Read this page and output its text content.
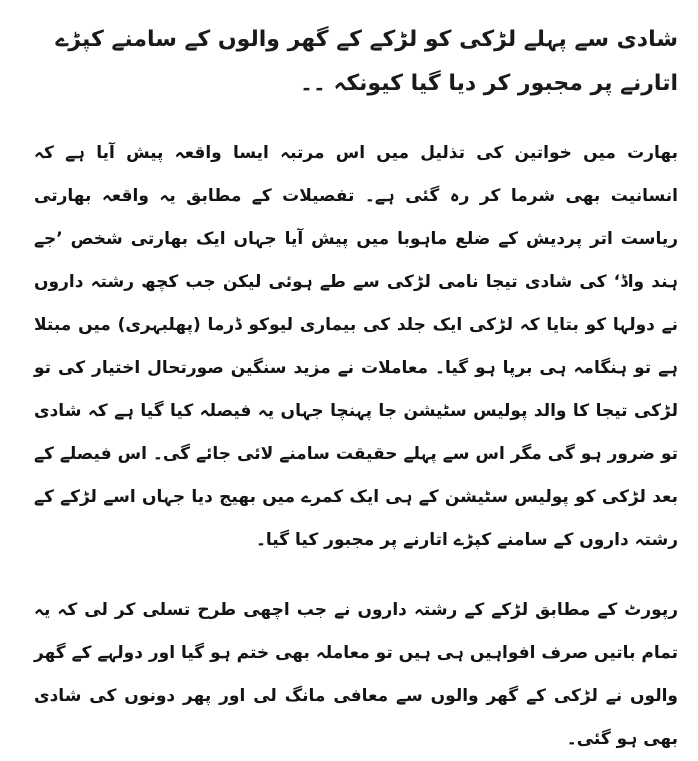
شادی سے پہلے لڑکی کو لڑکے کے گھر والوں کے سامنے کپڑے اتارنے پر مجبور کر دیا گیا کیونکہ ۔۔

بھارت میں خواتین کی تذلیل میں اس مرتبہ ایسا واقعہ پیش آیا ہے کہ انسانیت بھی شرما کر رہ گئی ہے۔ تفصیلات کے مطابق یہ واقعہ بھارتی ریاست اتر پردیش کے ضلع ماہوبا میں پیش آیا جہاں ایک بھارتی شخص ’جے ہند واڈ‘ کی شادی تیجا نامی لڑکی سے طے ہوئی لیکن جب کچھ رشتہ داروں نے دولہا کو بتایا کہ لڑکی ایک جلد کی بیماری لیوکو ڈرما (پھلبہری) میں مبتلا ہے تو ہنگامہ ہی برپا ہو گیا۔ معاملات نے مزید سنگین صورتحال اختیار کی تو لڑکی تیجا کا والد پولیس سٹیشن جا پہنچا جہاں یہ فیصلہ کیا گیا ہے کہ شادی تو ضرور ہو گی مگر اس سے پہلے حقیقت سامنے لائی جائے گی۔ اس فیصلے کے بعد لڑکی کو پولیس سٹیشن کے ہی ایک کمرے میں بھیج دیا جہاں اسے لڑکے کے رشتہ داروں کے سامنے کپڑے اتارنے پر مجبور کیا گیا۔

رپورٹ کے مطابق لڑکے کے رشتہ داروں نے جب اچھی طرح تسلی کر لی کہ یہ تمام باتیں صرف افواہیں ہی ہیں تو معاملہ بھی ختم ہو گیا اور دولہے کے گھر والوں نے لڑکی کے گھر والوں سے معافی مانگ لی اور پھر دونوں کی شادی بھی ہو گئی۔
